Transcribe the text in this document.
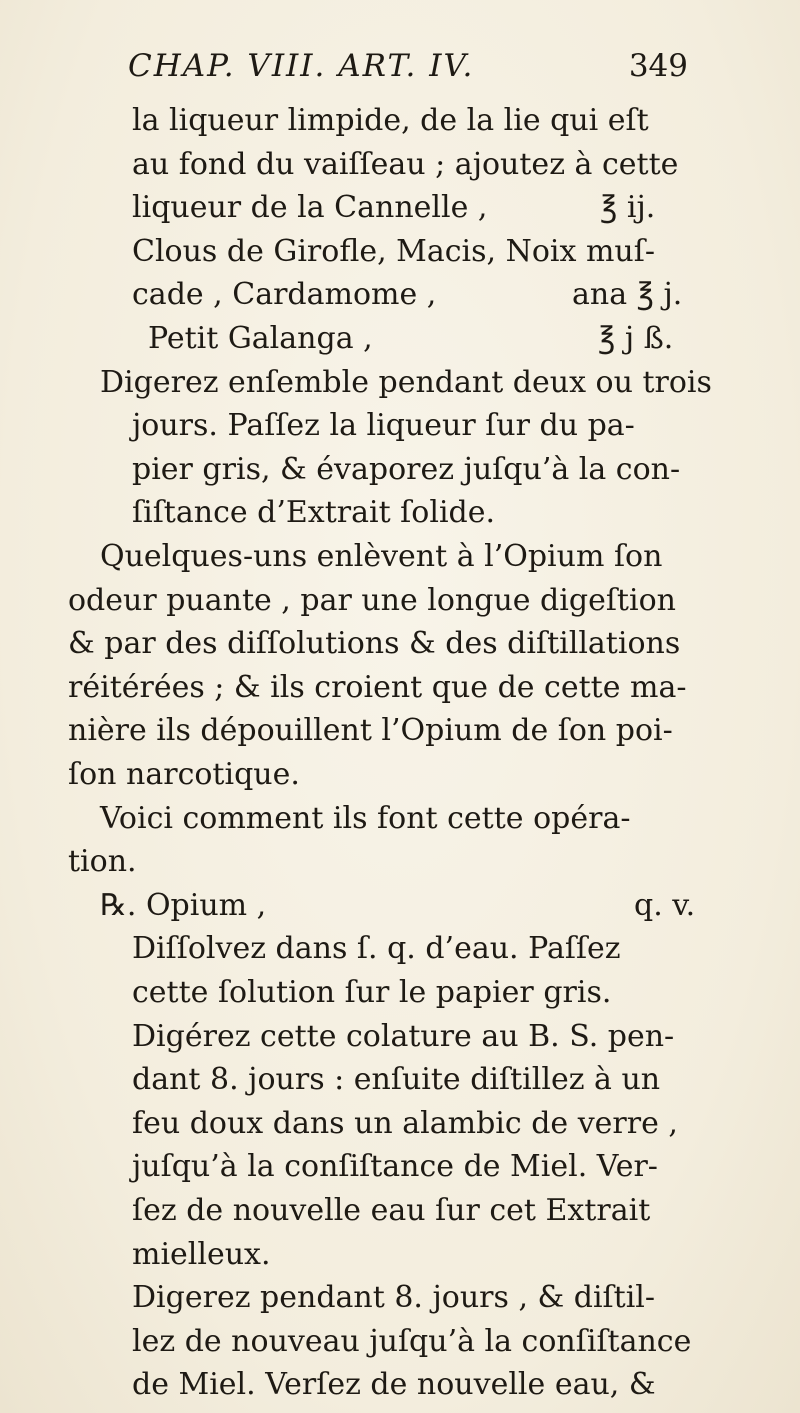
CHAP. VIII. ART. IV.	349
la liqueur limpide, de la lie qui eſt
au fond du vaiſſeau ; ajoutez à cette
liqueur de la Cannelle ,	℥ ij.
Clous de Girofle, Macis, Noix muſ-
cade , Cardamome ,	ana ℥ j.
Petit Galanga ,	℥ j ß.
Digerez enſemble pendant deux ou trois
jours. Paſſez la liqueur ſur du pa-
pier gris, & évaporez juſqu’à la con-
ſiſtance d’Extrait ſolide.
Quelques-uns enlèvent à l’Opium ſon
odeur puante , par une longue digeſtion
& par des diſſolutions & des diſtillations
réitérées ; & ils croient que de cette ma-
nière ils dépouillent l’Opium de ſon poi-
ſon narcotique.
Voici comment ils font cette opéra-
tion.
℞. Opium ,	q. v.
Diſſolvez dans ſ. q. d’eau. Paſſez
cette ſolution ſur le papier gris.
Digérez cette colature au B. S. pen-
dant 8. jours : enſuite diſtillez à un
feu doux dans un alambic de verre ,
juſqu’à la conſiſtance de Miel. Ver-
ſez de nouvelle eau ſur cet Extrait
mielleux.
Digerez pendant 8. jours , & diſtil-
lez de nouveau juſqu’à la conſiſtance
de Miel. Verſez de nouvelle eau, &
